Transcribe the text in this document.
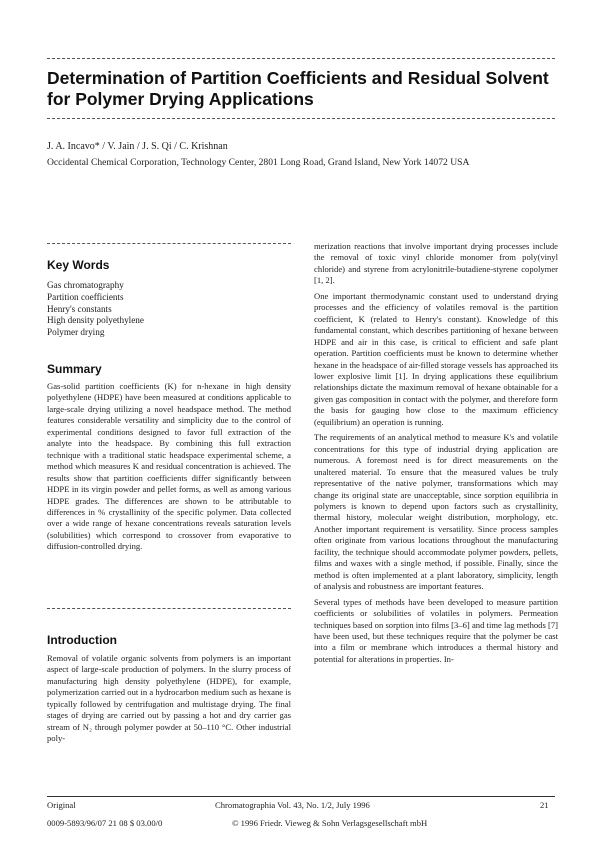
Determination of Partition Coefficients and Residual Solvent
for Polymer Drying Applications
J. A. Incavo* / V. Jain / J. S. Qi / C. Krishnan
Occidental Chemical Corporation, Technology Center, 2801 Long Road, Grand Island, New York 14072 USA
Key Words
Gas chromatography
Partition coefficients
Henry's constants
High density polyethylene
Polymer drying
Summary

Gas-solid partition coefficients (K) for n-hexane in high density polyethylene (HDPE) have been measured at conditions applicable to large-scale drying utilizing a novel headspace method. The method features considerable versatility and simplicity due to the control of experimental conditions designed to favor full extraction of the analyte into the headspace. By combining this full extraction technique with a traditional static headspace experimental scheme, a method which measures K and residual concentration is achieved. The results show that partition coefficients differ significantly between HDPE in its virgin powder and pellet forms, as well as among various HDPE grades. The differences are shown to be attributable to differences in % crystallinity of the specific polymer. Data collected over a wide range of hexane concentrations reveals saturation levels (solubilities) which correspond to crossover from evaporative to diffusion-controlled drying.

Introduction

Removal of volatile organic solvents from polymers is an important aspect of large-scale production of polymers. In the slurry process of manufacturing high density polyethylene (HDPE), for example, polymerization carried out in a hydrocarbon medium such as hexane is typically followed by centrifugation and multistage drying. The final stages of drying are carried out by passing a hot and dry carrier gas stream of N₂ through polymer powder at 50–110 °C. Other industrial poly-

merization reactions that involve important drying processes include the removal of toxic vinyl chloride monomer from poly(vinyl chloride) and styrene from acrylonitrile-butadiene-styrene copolymer [1, 2].

One important thermodynamic constant used to understand drying processes and the efficiency of volatiles removal is the partition coefficient, K (related to Henry's constant). Knowledge of this fundamental constant, which describes partitioning of hexane between HDPE and air in this case, is critical to efficient and safe plant operation. Partition coefficients must be known to determine whether hexane in the headspace of air-filled storage vessels has approached its lower explosive limit [1]. In drying applications these equilibrium relationships dictate the maximum removal of hexane obtainable for a given gas composition in contact with the polymer, and therefore form the basis for gauging how close to the maximum efficiency (equilibrium) an operation is running.

The requirements of an analytical method to measure K's and volatile concentrations for this type of industrial drying application are numerous. A foremost need is for direct measurements on the unaltered material. To ensure that the measured values be truly representative of the native polymer, transformations which may change its original state are unacceptable, since sorption equilibria in polymers is known to depend upon factors such as crystallinity, thermal history, molecular weight distribution, morphology, etc. Another important requirement is versatility. Since process samples often originate from various locations throughout the manufacturing facility, the technique should accommodate polymer powders, pellets, films and waxes with a single method, if possible. Finally, since the method is often implemented at a plant laboratory, simplicity, length of analysis and robustness are important features.

Several types of methods have been developed to measure partition coefficients or solubilities of volatiles in polymers. Permeation techniques based on sorption into films [3–6] and time lag methods [7] have been used, but these techniques require that the polymer be cast into a film or membrane which introduces a thermal history and potential for alterations in properties. In-

Original	Chromatographia Vol. 43, No. 1/2, July 1996	21
0009-5893/96/07 21 08 $ 03.00/0	© 1996 Friedr. Vieweg & Sohn Verlagsgesellschaft mbH
